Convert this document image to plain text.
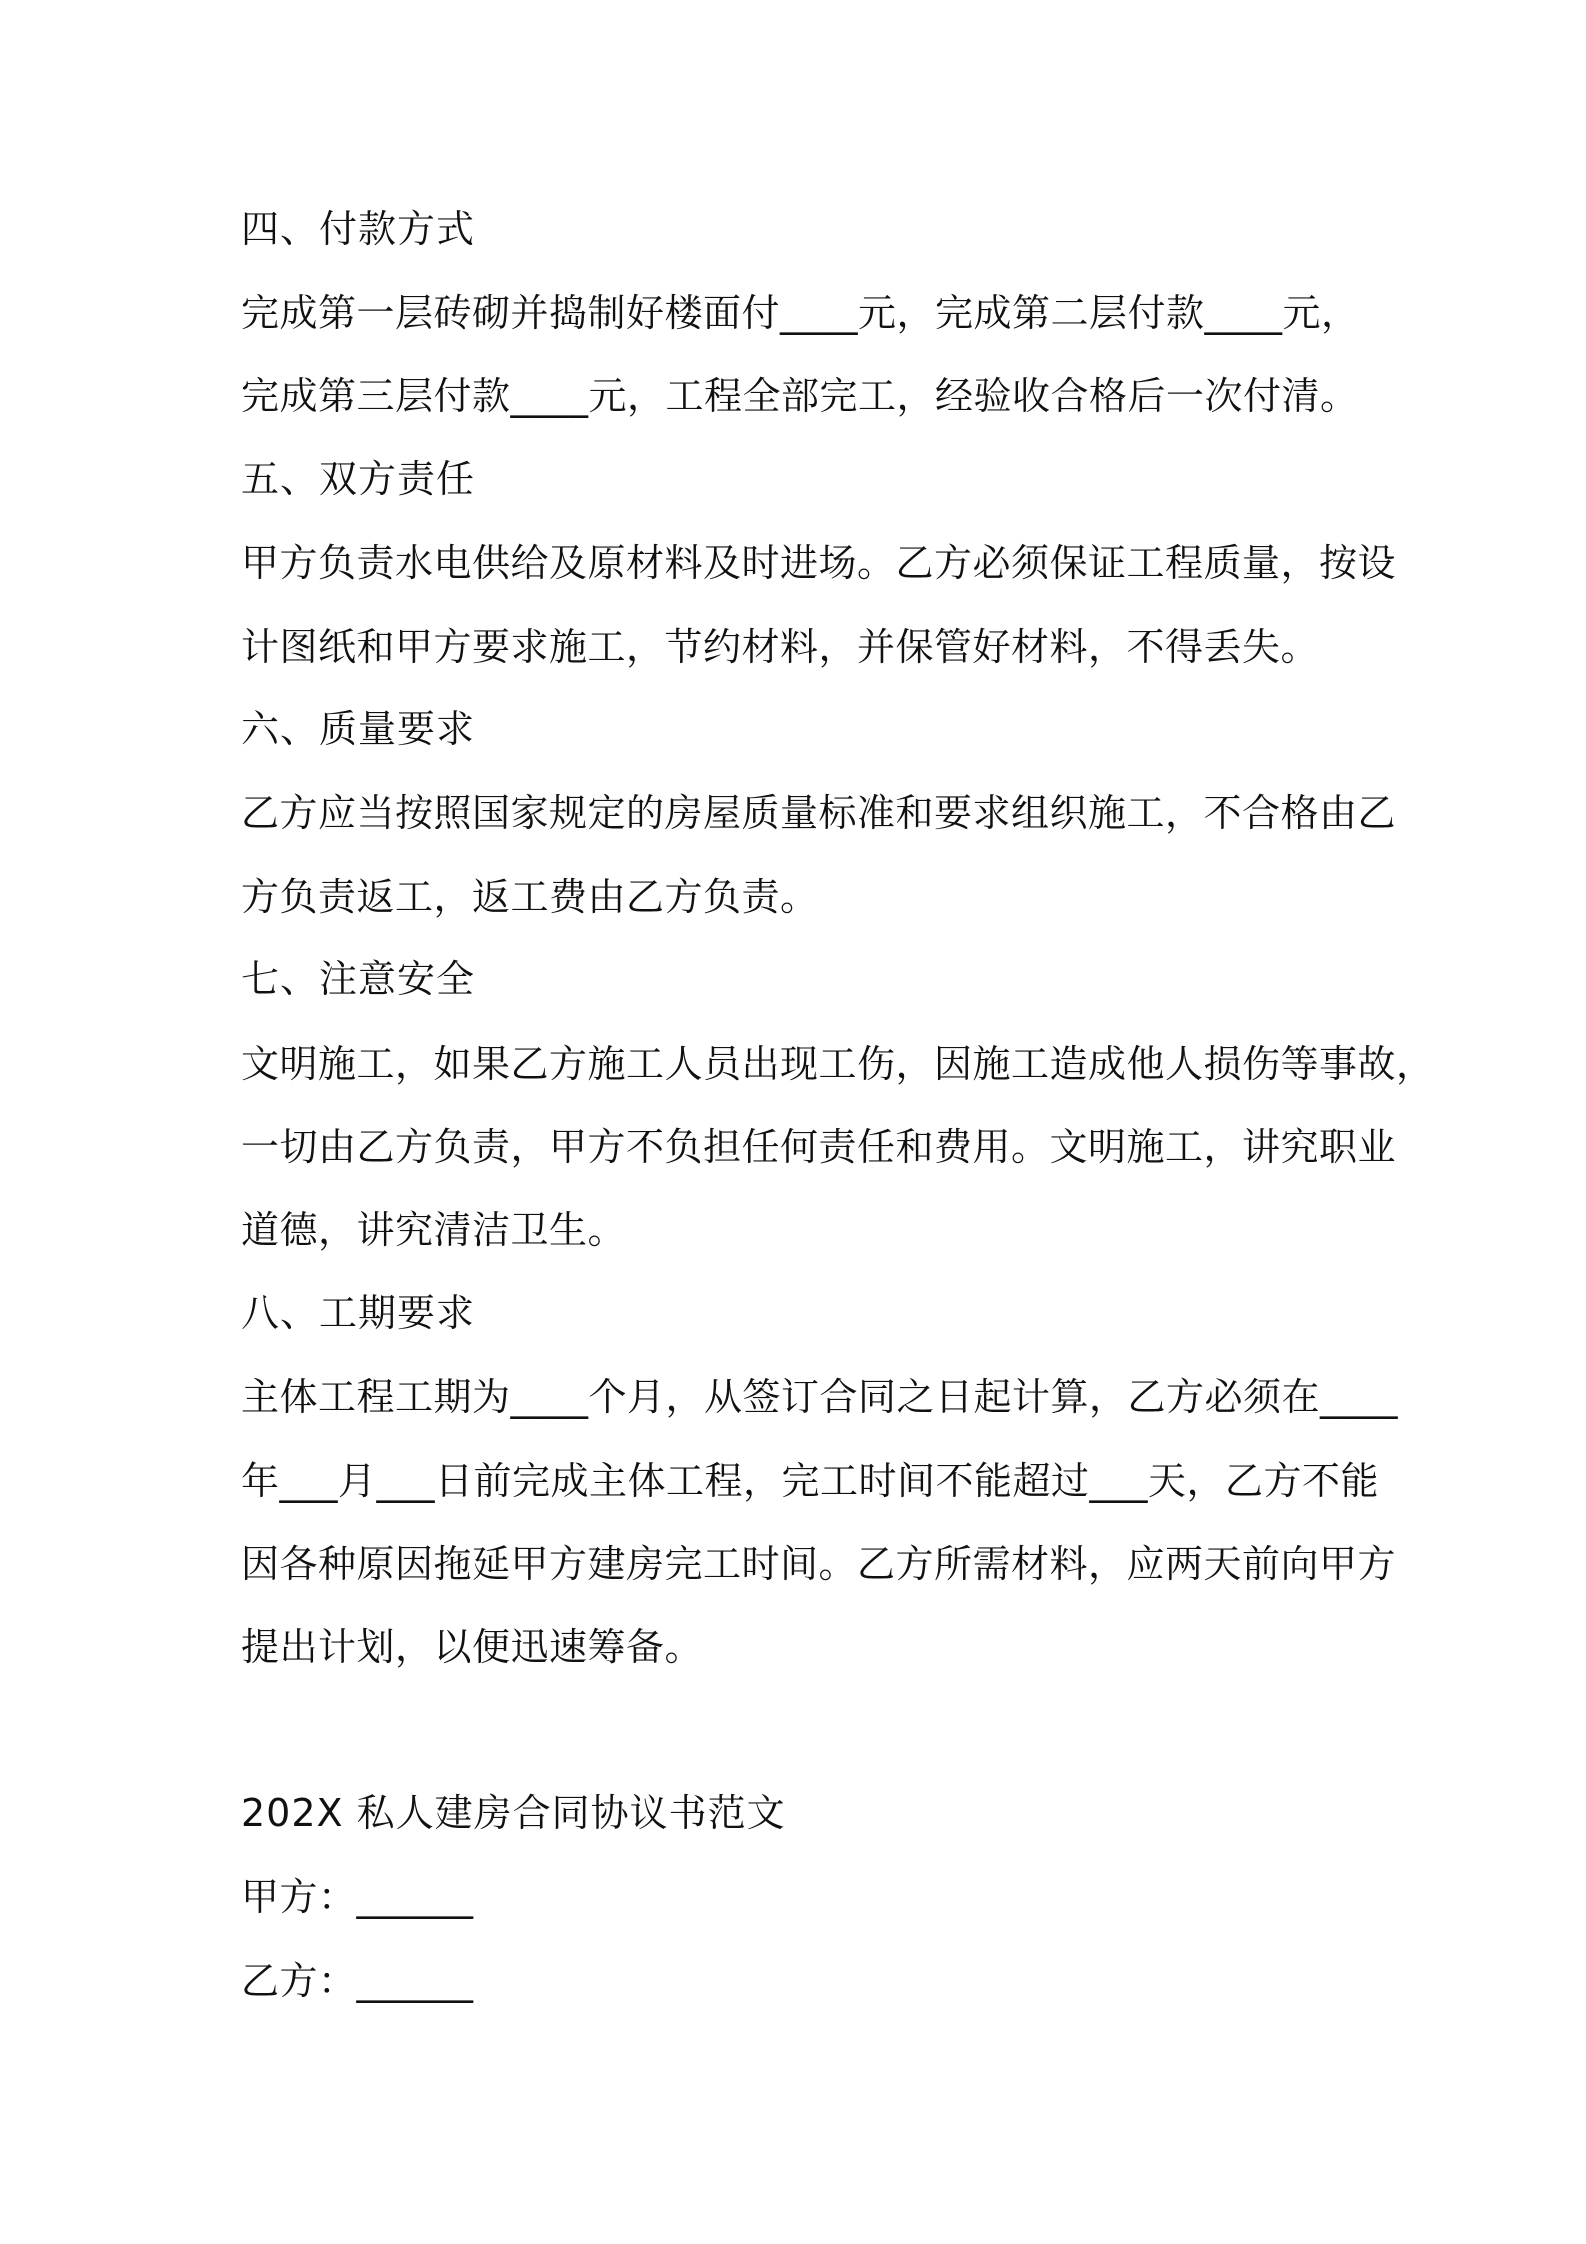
四、付款方式
完成第一层砖砌并捣制好楼面付____元，完成第二层付款____元，
完成第三层付款____元，工程全部完工，经验收合格后一次付清。
五、双方责任
甲方负责水电供给及原材料及时进场。乙方必须保证工程质量，按设
计图纸和甲方要求施工，节约材料，并保管好材料，不得丢失。
六、质量要求
乙方应当按照国家规定的房屋质量标准和要求组织施工，不合格由乙
方负责返工，返工费由乙方负责。
七、注意安全
文明施工，如果乙方施工人员出现工伤，因施工造成他人损伤等事故，
一切由乙方负责，甲方不负担任何责任和费用。文明施工，讲究职业
道德，讲究清洁卫生。
八、工期要求
主体工程工期为____个月，从签订合同之日起计算，乙方必须在____
年___月___日前完成主体工程，完工时间不能超过___天，乙方不能
因各种原因拖延甲方建房完工时间。乙方所需材料，应两天前向甲方
提出计划，以便迅速筹备。
202X 私人建房合同协议书范文
甲方：______
乙方：______
